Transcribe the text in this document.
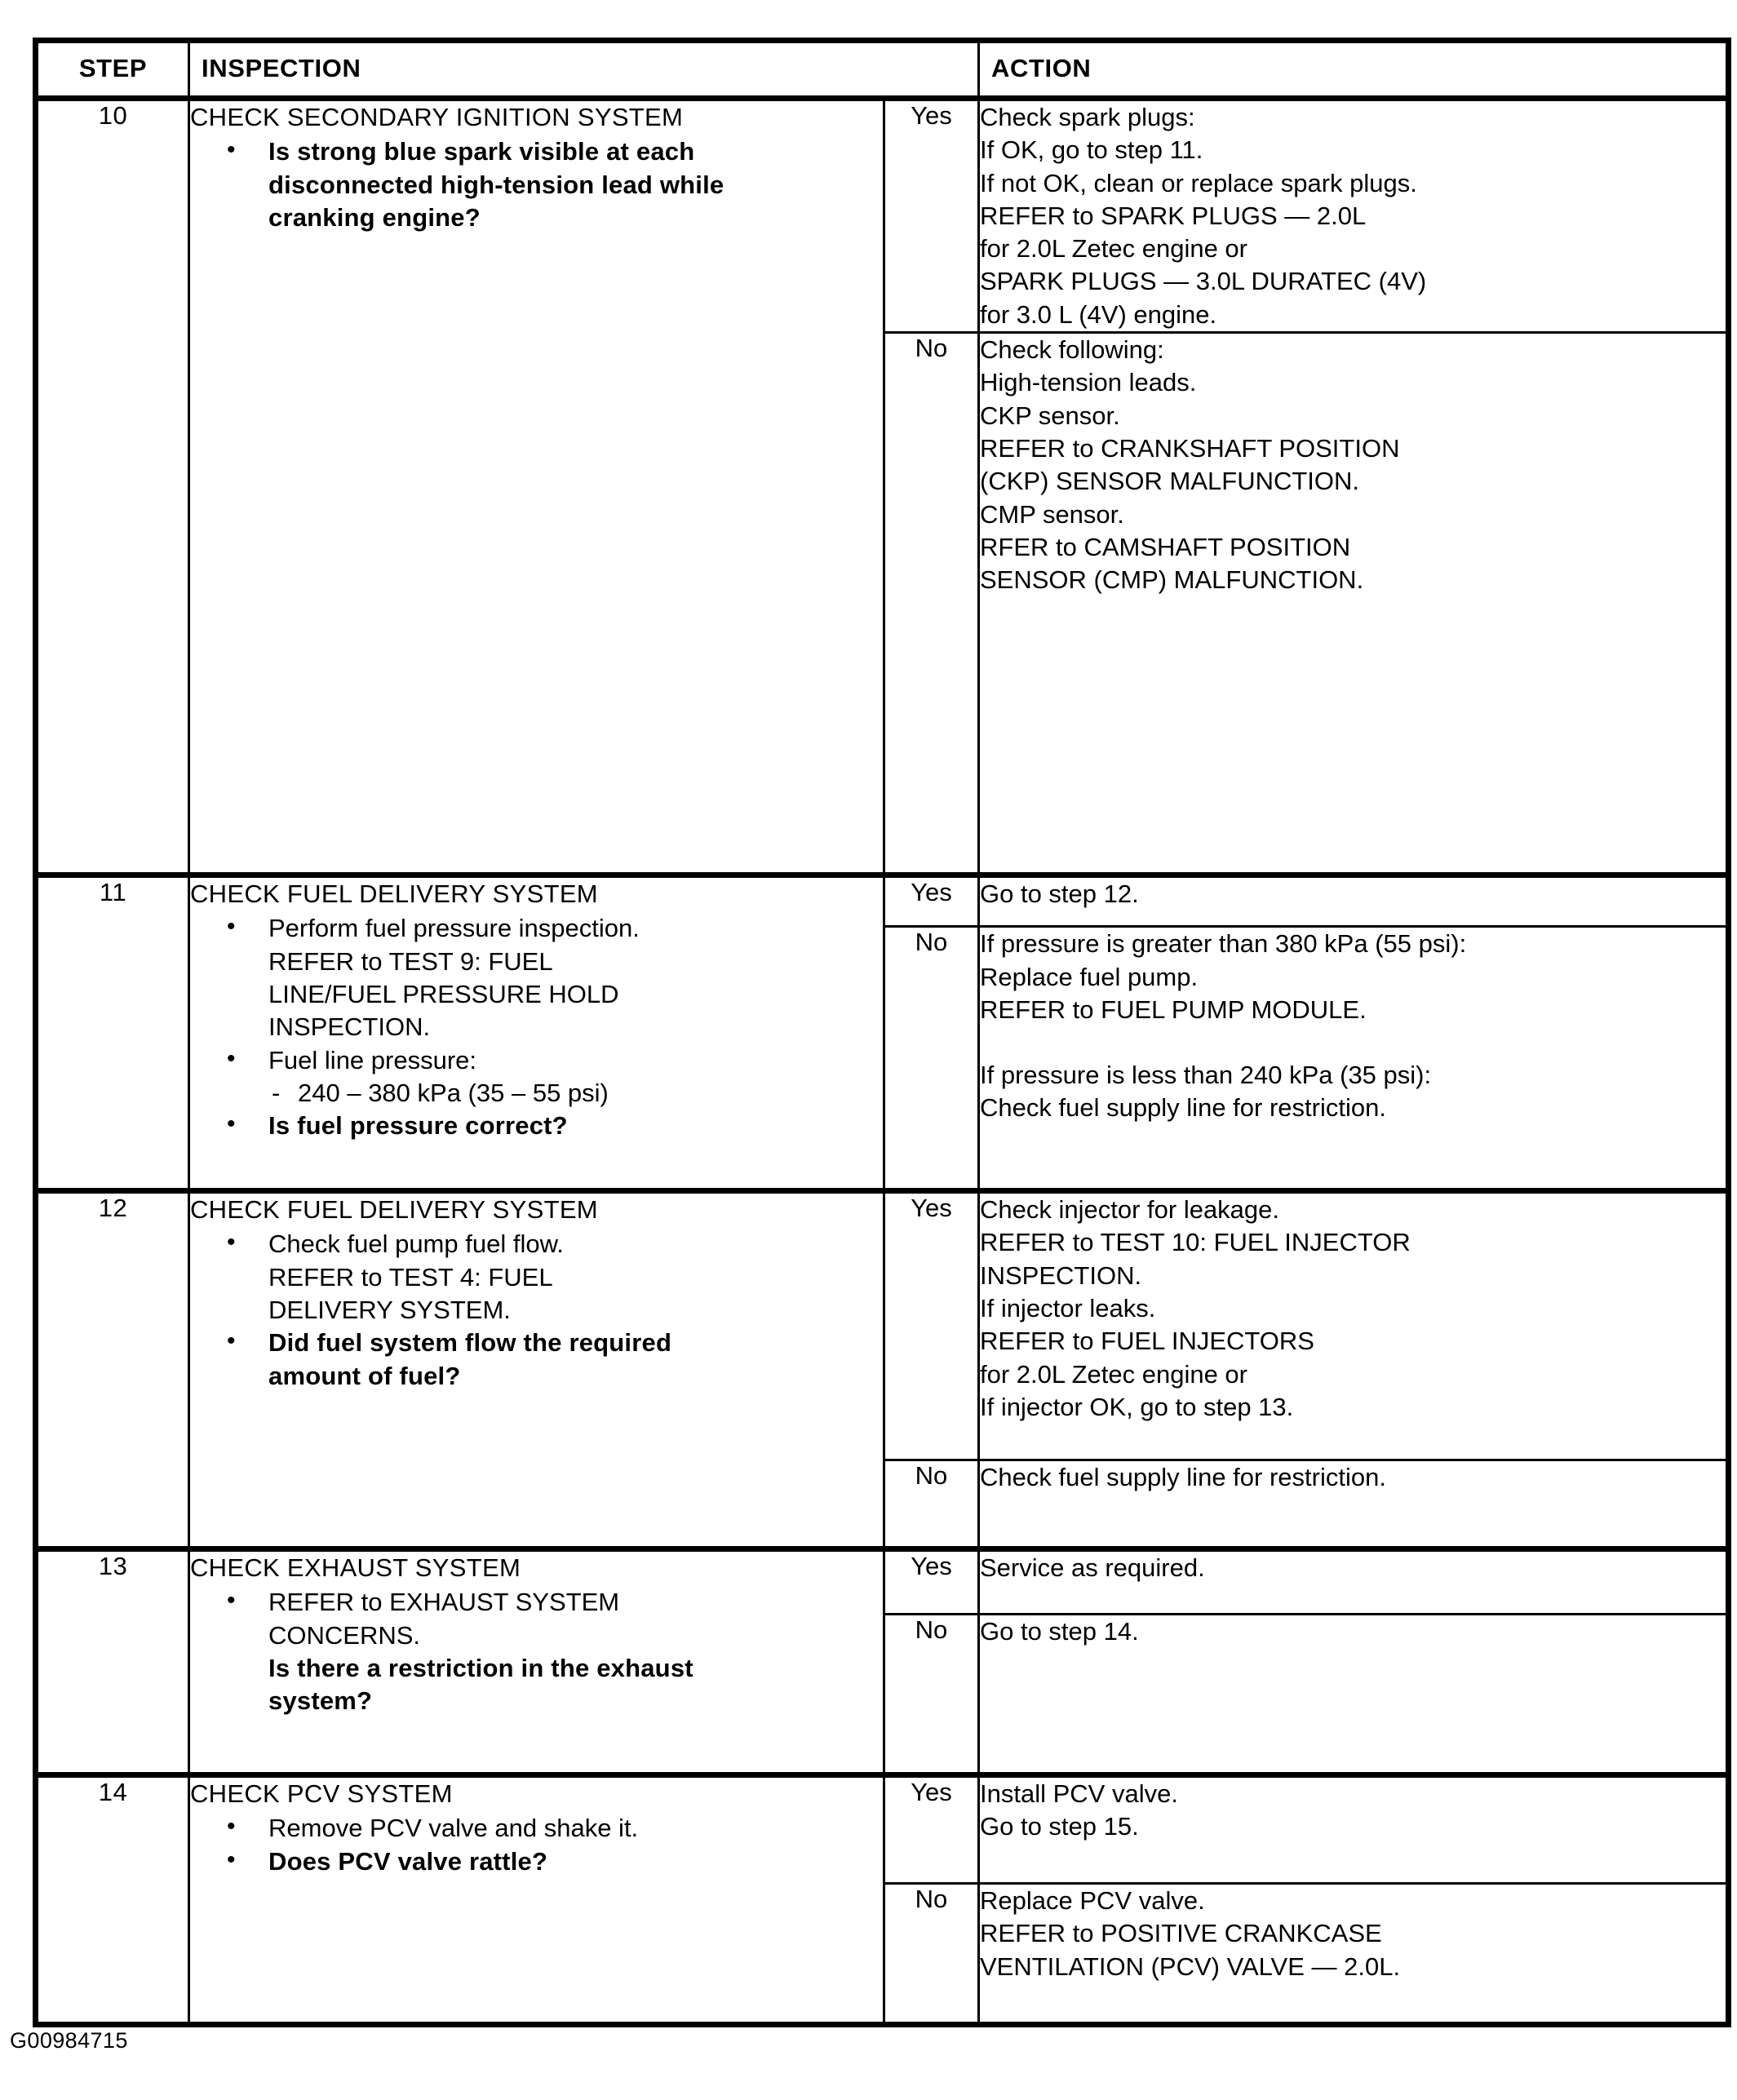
STEP	INSPECTION		ACTION

10	CHECK SECONDARY IGNITION SYSTEM
• Is strong blue spark visible at each
disconnected high-tension lead while
cranking engine?
	Yes	Check spark plugs:
If OK, go to step 11.
If not OK, clean or replace spark plugs.
REFER to SPARK PLUGS — 2.0L
for 2.0L Zetec engine or
SPARK PLUGS — 3.0L DURATEC (4V)
for 3.0 L (4V) engine.

No	Check following:
High-tension leads.
CKP sensor.
REFER to CRANKSHAFT POSITION
(CKP) SENSOR MALFUNCTION.
CMP sensor.
RFER to CAMSHAFT POSITION
SENSOR (CMP) MALFUNCTION.

11	CHECK FUEL DELIVERY SYSTEM
• Perform fuel pressure inspection.
REFER to TEST 9: FUEL
LINE/FUEL PRESSURE HOLD
INSPECTION.
• Fuel line pressure:
- 240 – 380 kPa (35 – 55 psi)
• Is fuel pressure correct?
	Yes	Go to step 12.

		No	If pressure is greater than 380 kPa (55 psi):
Replace fuel pump.
REFER to FUEL PUMP MODULE.
If pressure is less than 240 kPa (35 psi):
Check fuel supply line for restriction.

12	CHECK FUEL DELIVERY SYSTEM
• Check fuel pump fuel flow.
REFER to TEST 4: FUEL
DELIVERY SYSTEM.
• Did fuel system flow the required
amount of fuel?
	Yes	Check injector for leakage.
REFER to TEST 10: FUEL INJECTOR
INSPECTION.
If injector leaks.
REFER to FUEL INJECTORS
for 2.0L Zetec engine or
If injector OK, go to step 13.

		No	Check fuel supply line for restriction.

13	CHECK EXHAUST SYSTEM
• REFER to EXHAUST SYSTEM
CONCERNS.
Is there a restriction in the exhaust
system?
	Yes	Service as required.

		No	Go to step 14.

14	CHECK PCV SYSTEM
• Remove PCV valve and shake it.
• Does PCV valve rattle?
	Yes	Install PCV valve.
Go to step 15.

		No	Replace PCV valve.
REFER to POSITIVE CRANKCASE
VENTILATION (PCV) VALVE — 2.0L.
G00984715
